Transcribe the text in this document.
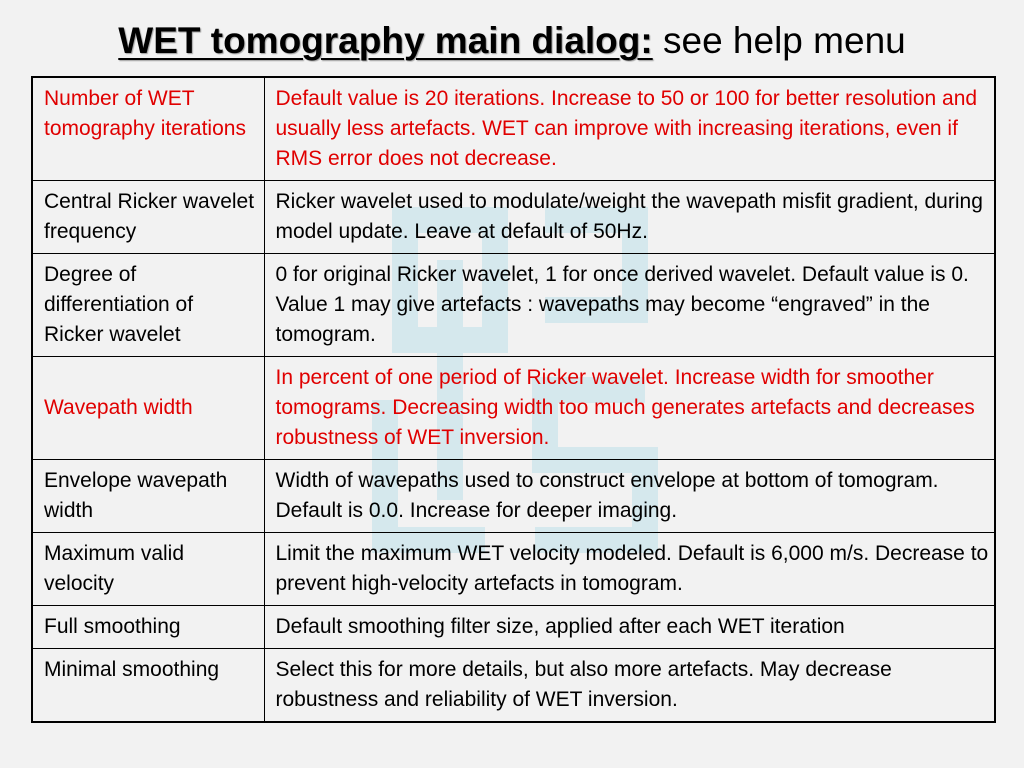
WET tomography main dialog: see help menu
Number of WET tomography iterations	Default value is 20 iterations. Increase to 50 or 100 for better resolution and usually less artefacts. WET can improve with increasing iterations, even if RMS error does not decrease.
Central Ricker wavelet frequency	Ricker wavelet used to modulate/weight the wavepath misfit gradient, during model update. Leave at default of 50Hz.
Degree of differentiation of Ricker wavelet	0 for original Ricker wavelet, 1 for once derived wavelet. Default value is 0. Value 1 may give artefacts : wavepaths may become “engraved” in the tomogram.
Wavepath width	In percent of one period of Ricker wavelet. Increase width for smoother tomograms. Decreasing width too much generates artefacts and decreases robustness of WET inversion.
Envelope wavepath width	Width of wavepaths used to construct envelope at bottom of tomogram. Default is 0.0. Increase for deeper imaging.
Maximum valid velocity	Limit the maximum WET velocity modeled. Default is 6,000 m/s. Decrease to prevent high-velocity artefacts in tomogram.
Full smoothing	Default smoothing filter size, applied after each WET iteration
Minimal smoothing	Select this for more details, but also more artefacts. May decrease robustness and reliability of WET inversion.
